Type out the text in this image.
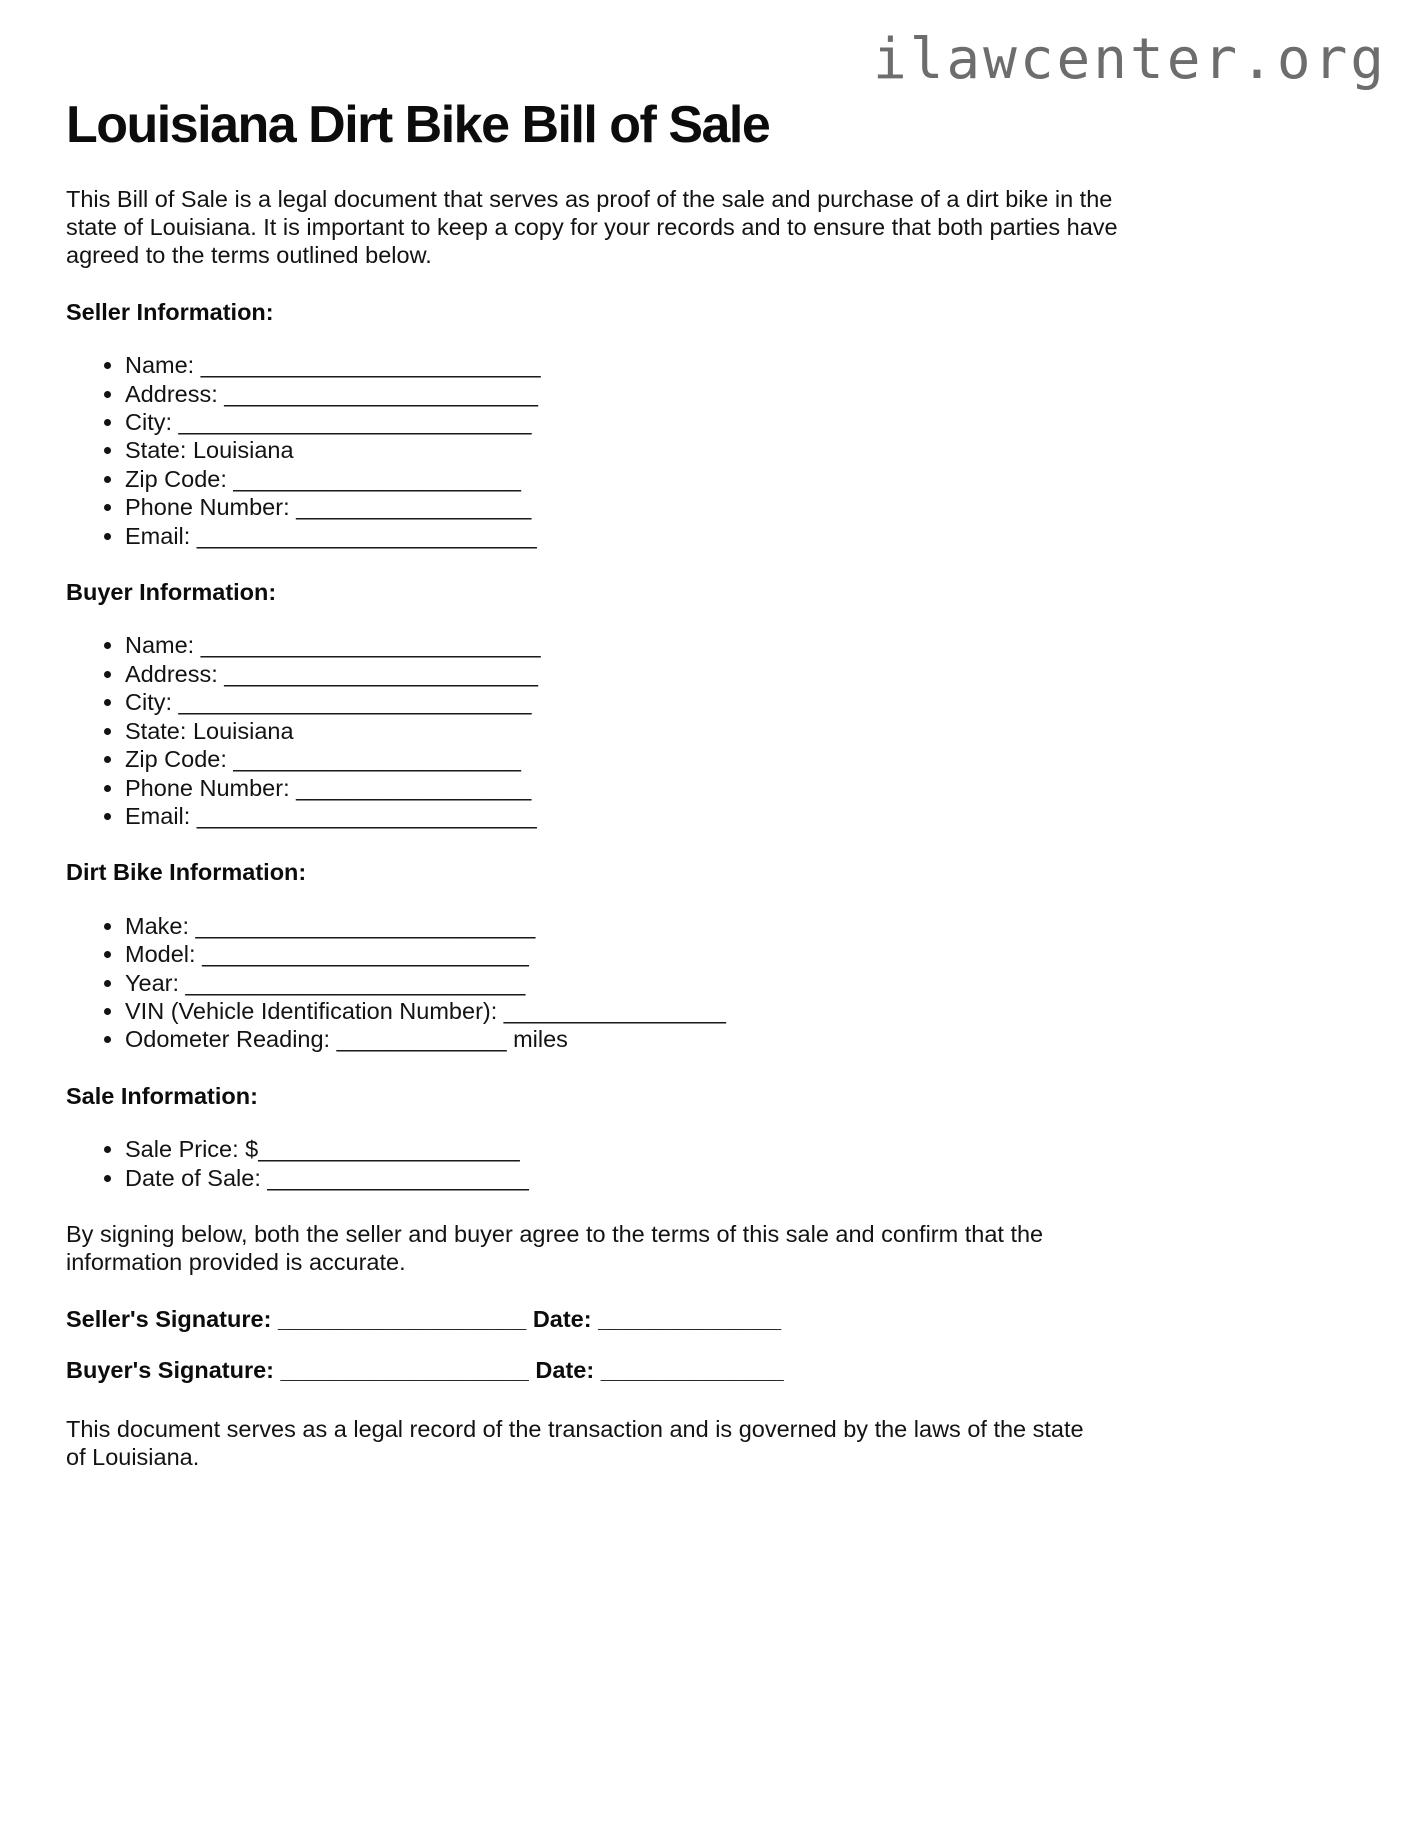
ilawcenter.org
Louisiana Dirt Bike Bill of Sale

This Bill of Sale is a legal document that serves as proof of the sale and purchase of a dirt bike in the state of Louisiana. It is important to keep a copy for your records and to ensure that both parties have agreed to the terms outlined below.

Seller Information:
• Name: __________________________
• Address: ________________________
• City: ___________________________
• State: Louisiana
• Zip Code: ______________________
• Phone Number: __________________
• Email: __________________________
Buyer Information:
• Name: __________________________
• Address: ________________________
• City: ___________________________
• State: Louisiana
• Zip Code: ______________________
• Phone Number: __________________
• Email: __________________________
Dirt Bike Information:
• Make: __________________________
• Model: _________________________
• Year: __________________________
• VIN (Vehicle Identification Number): _________________
• Odometer Reading: _____________ miles
Sale Information:
• Sale Price: $____________________
• Date of Sale: ____________________

By signing below, both the seller and buyer agree to the terms of this sale and confirm that the information provided is accurate.

Seller's Signature: ___________________ Date: ______________

Buyer's Signature: ___________________ Date: ______________

This document serves as a legal record of the transaction and is governed by the laws of the state of Louisiana.
